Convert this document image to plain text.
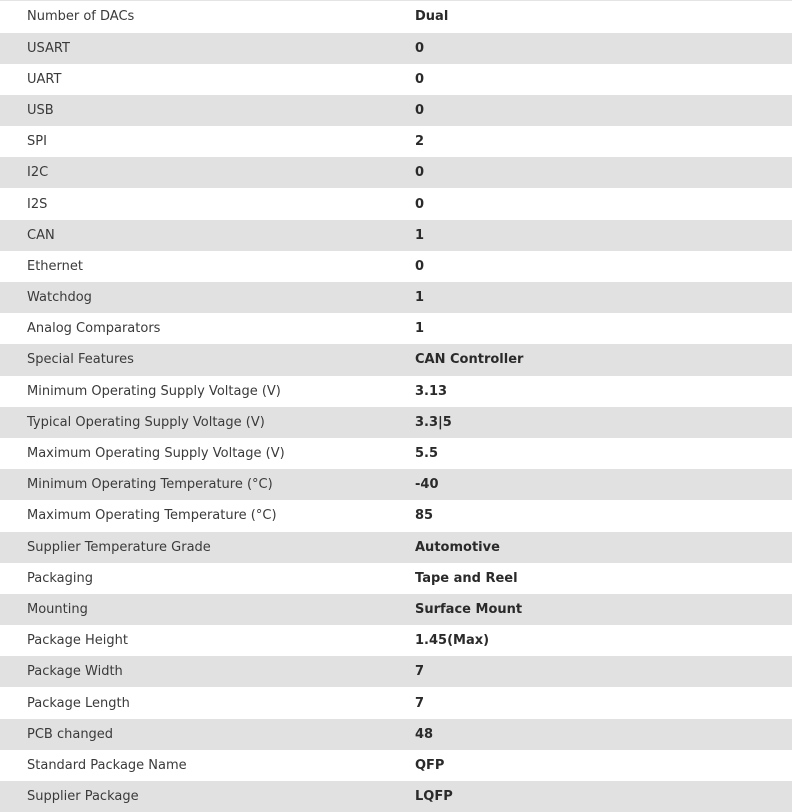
Number of DACs	Dual
USART	0
UART	0
USB	0
SPI	2
I2C	0
I2S	0
CAN	1
Ethernet	0
Watchdog	1
Analog Comparators	1
Special Features	CAN Controller
Minimum Operating Supply Voltage (V)	3.13
Typical Operating Supply Voltage (V)	3.3|5
Maximum Operating Supply Voltage (V)	5.5
Minimum Operating Temperature (°C)	-40
Maximum Operating Temperature (°C)	85
Supplier Temperature Grade	Automotive
Packaging	Tape and Reel
Mounting	Surface Mount
Package Height	1.45(Max)
Package Width	7
Package Length	7
PCB changed	48
Standard Package Name	QFP
Supplier Package	LQFP
